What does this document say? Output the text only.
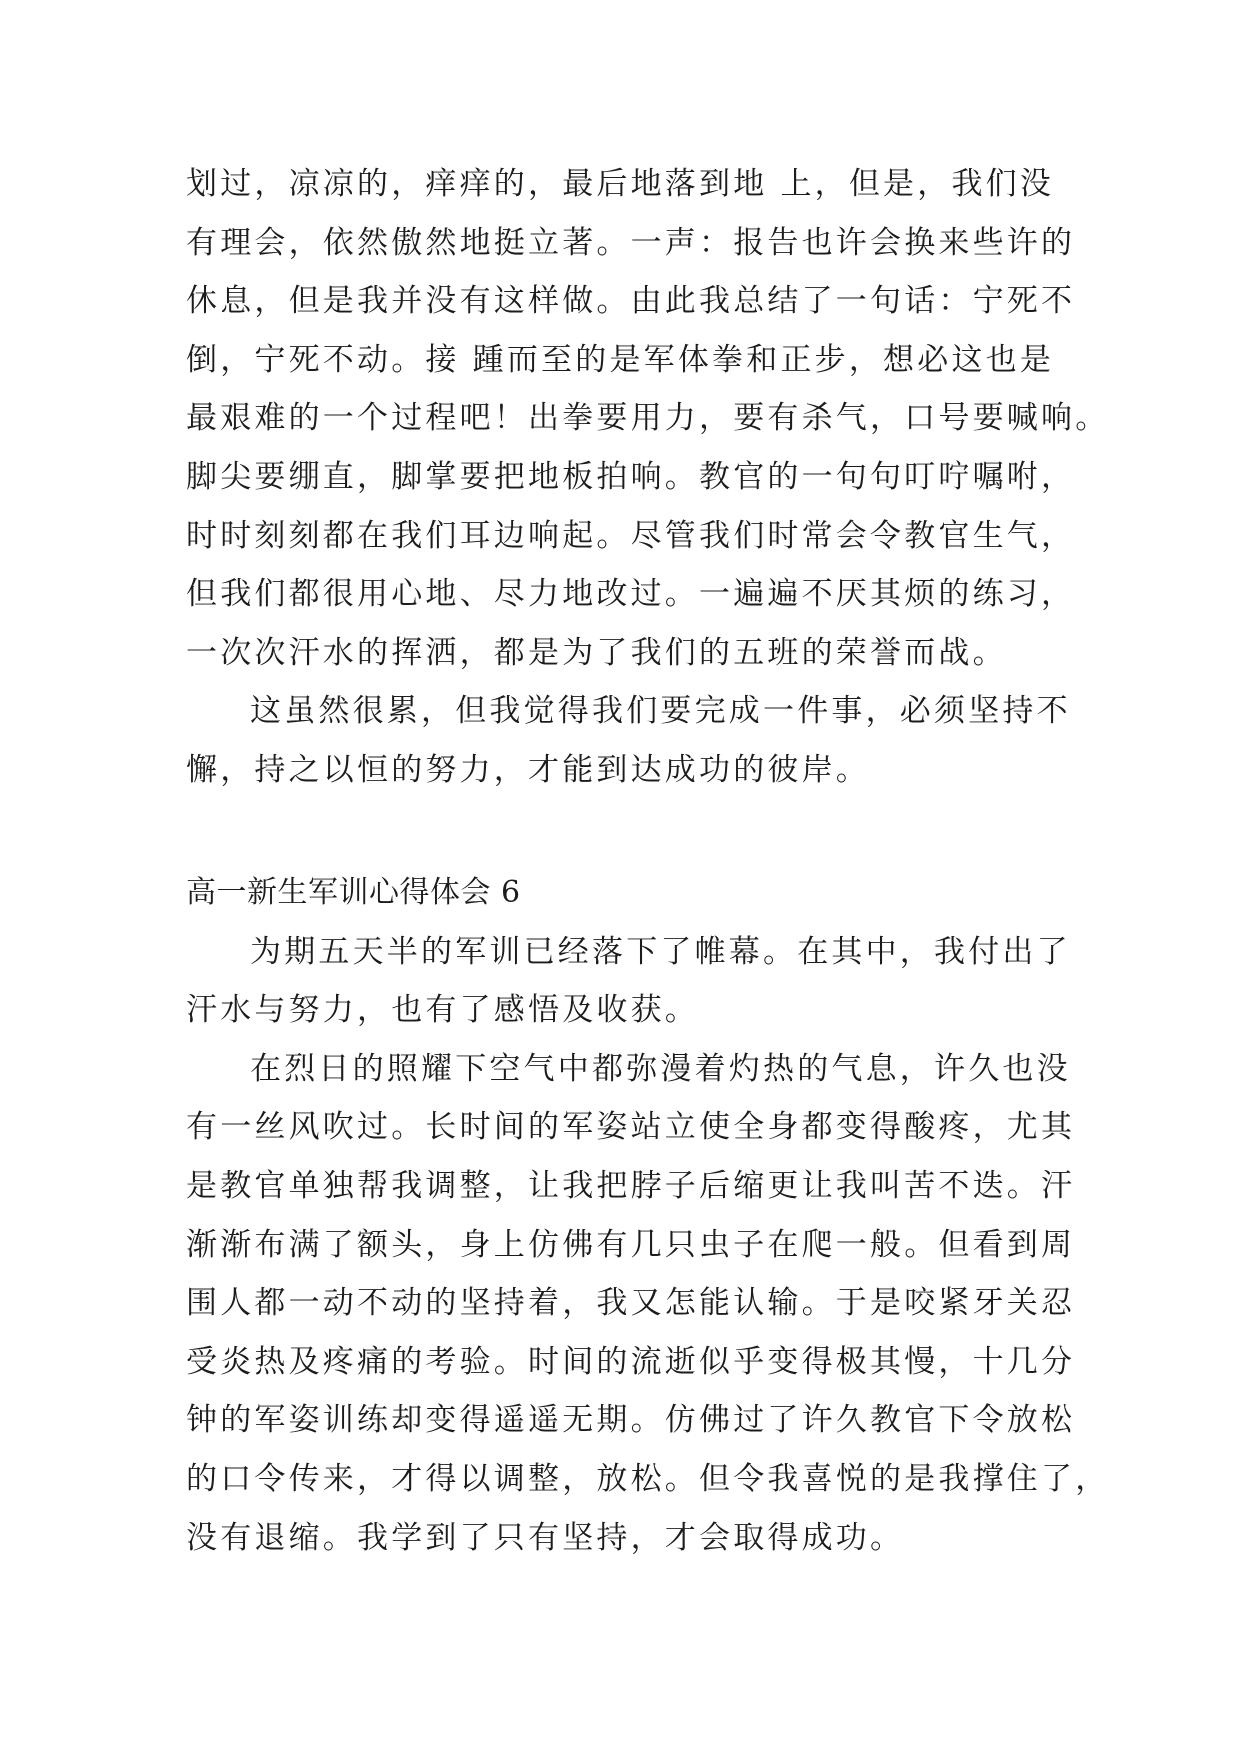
划过，凉凉的，痒痒的，最后地落到地 上，但是，我们没
有理会，依然傲然地挺立著。一声：报告也许会换来些许的
休息，但是我并没有这样做。由此我总结了一句话：宁死不
倒，宁死不动。接 踵而至的是军体拳和正步，想必这也是
最艰难的一个过程吧！出拳要用力，要有杀气，口号要喊响。
脚尖要绷直，脚掌要把地板拍响。教官的一句句叮咛嘱咐，
时时刻刻都在我们耳边响起。尽管我们时常会令教官生气，
但我们都很用心地、尽力地改过。一遍遍不厌其烦的练习，
一次次汗水的挥洒，都是为了我们的五班的荣誉而战。
这虽然很累，但我觉得我们要完成一件事，必须坚持不
懈，持之以恒的努力，才能到达成功的彼岸。
高一新生军训心得体会 6
为期五天半的军训已经落下了帷幕。在其中，我付出了
汗水与努力，也有了感悟及收获。
在烈日的照耀下空气中都弥漫着灼热的气息，许久也没
有一丝风吹过。长时间的军姿站立使全身都变得酸疼，尤其
是教官单独帮我调整，让我把脖子后缩更让我叫苦不迭。汗
渐渐布满了额头，身上仿佛有几只虫子在爬一般。但看到周
围人都一动不动的坚持着，我又怎能认输。于是咬紧牙关忍
受炎热及疼痛的考验。时间的流逝似乎变得极其慢，十几分
钟的军姿训练却变得遥遥无期。仿佛过了许久教官下令放松
的口令传来，才得以调整，放松。但令我喜悦的是我撑住了，
没有退缩。我学到了只有坚持，才会取得成功。
